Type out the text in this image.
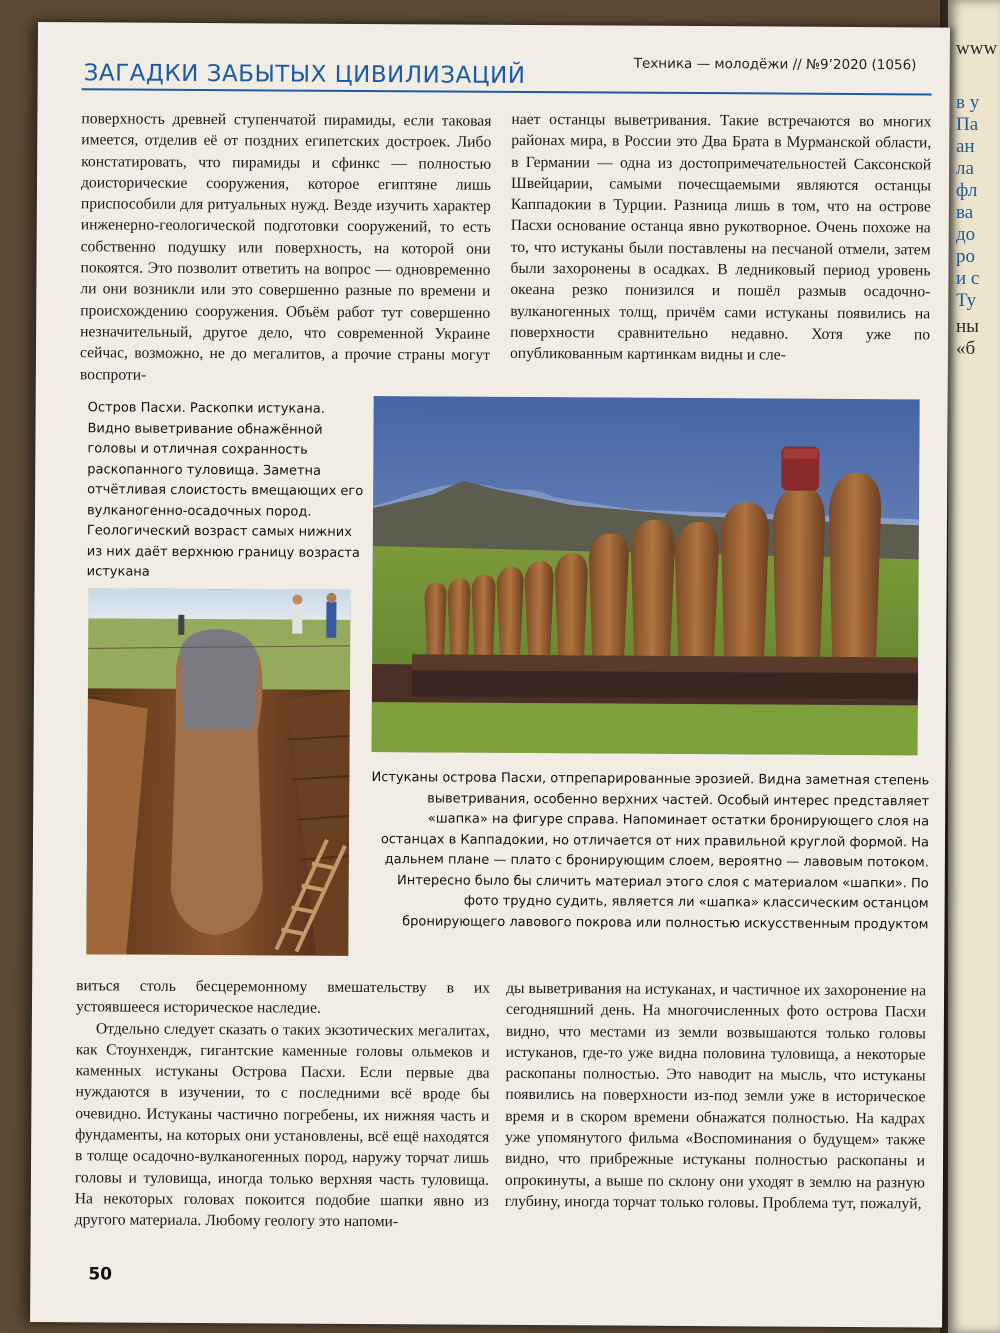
www
в у
Па
ан
ла
фл
ва
до
ро
и с
Ту
ны
«б
ЗАГАДКИ ЗАБЫТЫХ ЦИВИЛИЗАЦИЙ	Техника — молодёжи // №9’2020 (1056)

поверхность древней ступенчатой пирамиды, если таковая имеется, отделив её от поздних египетских достроек. Либо констатировать, что пирамиды и сфинкс — полностью доисторические сооружения, которое египтяне лишь приспособили для ритуальных нужд. Везде изучить характер инженерно-геологической подготовки сооружений, то есть собственно подушку или поверхность, на которой они покоятся. Это позволит ответить на вопрос — одновременно ли они возникли или это совершенно разные по времени и происхождению сооружения. Объём работ тут совершенно незначительный, другое дело, что современной Украине сейчас, возможно, не до мегалитов, а прочие страны могут воспроти-

нает останцы выветривания. Такие встречаются во многих районах мира, в России это Два Брата в Мурманской области, в Германии — одна из достопримечательностей Саксонской Швейцарии, самыми почесщаемыми являются останцы Каппадокии в Турции. Разница лишь в том, что на острове Пасхи основание останца явно рукотворное. Очень похоже на то, что истуканы были поставлены на песчаной отмели, затем были захоронены в осадках. В ледниковый период уровень океана резко понизился и пошёл размыв осадочно-вулканогенных толщ, причём сами истуканы появились на поверхности сравнительно недавно. Хотя уже по опубликованным картинкам видны и сле-

Остров Пасхи. Раскопки истукана. Видно выветривание обнажённой головы и отличная сохранность раскопанного туловища. Заметна отчётливая слоистость вмещающих его вулканогенно-осадочных пород. Геологический возраст самых нижних из них даёт верхнюю границу возраста истукана
Истуканы острова Пасхи, отпрепарированные эрозией. Видна заметная степень выветривания, особенно верхних частей. Особый интерес представляет «шапка» на фигуре справа. Напоминает остатки бронирующего слоя на останцах в Каппадокии, но отличается от них правильной круглой формой. На дальнем плане — плато с бронирующим слоем, вероятно — лавовым потоком. Интересно было бы сличить материал этого слоя с материалом «шапки». По фото трудно судить, является ли «шапка» классическим останцом бронирующего лавового покрова или полностью искусственным продуктом

виться столь бесцеремонному вмешательству в их устоявшееся историческое наследие.

Отдельно следует сказать о таких экзотических мегалитах, как Стоунхендж, гигантские каменные головы ольмеков и каменных истуканы Острова Пасхи. Если первые два нуждаются в изучении, то с последними всё вроде бы очевидно. Истуканы частично погребены, их нижняя часть и фундаменты, на которых они установлены, всё ещё находятся в толще осадочно-вулканогенных пород, наружу торчат лишь головы и туловища, иногда только верхняя часть туловища. На некоторых головах покоится подобие шапки явно из другого материала. Любому геологу это напоми-

ды выветривания на истуканах, и частичное их захоронение на сегодняшний день. На многочисленных фото острова Пасхи видно, что местами из земли возвышаются только головы истуканов, где-то уже видна половина туловища, а некоторые раскопаны полностью. Это наводит на мысль, что истуканы появились на поверхности из-под земли уже в историческое время и в скором времени обнажатся полностью. На кадрах уже упомянутого фильма «Воспоминания о будущем» также видно, что прибрежные истуканы полностью раскопаны и опрокинуты, а выше по склону они уходят в землю на разную глубину, иногда торчат только головы. Проблема тут, пожалуй,

50
